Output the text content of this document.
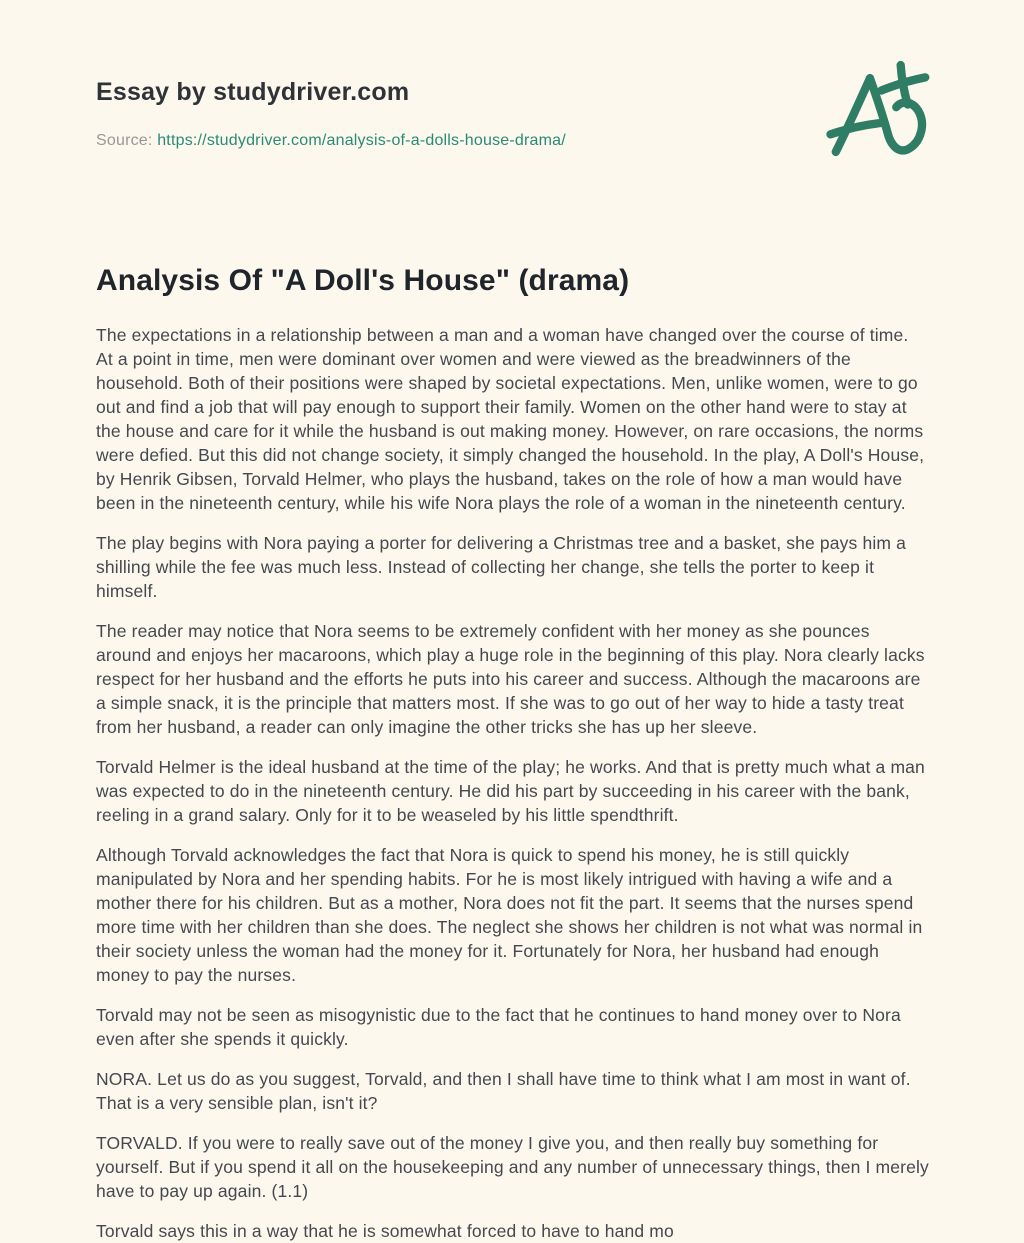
Essay by studydriver.com
Source: https://studydriver.com/analysis-of-a-dolls-house-drama/
Analysis Of "A Doll's House" (drama)

The expectations in a relationship between a man and a woman have changed over the course of time. At a point in time, men were dominant over women and were viewed as the breadwinners of the household. Both of their positions were shaped by societal expectations. Men, unlike women, were to go out and find a job that will pay enough to support their family. Women on the other hand were to stay at the house and care for it while the husband is out making money. However, on rare occasions, the norms were defied. But this did not change society, it simply changed the household. In the play, A Doll's House, by Henrik Gibsen, Torvald Helmer, who plays the husband, takes on the role of how a man would have been in the nineteenth century, while his wife Nora plays the role of a woman in the nineteenth century.

The play begins with Nora paying a porter for delivering a Christmas tree and a basket, she pays him a shilling while the fee was much less. Instead of collecting her change, she tells the porter to keep it himself.

The reader may notice that Nora seems to be extremely confident with her money as she pounces around and enjoys her macaroons, which play a huge role in the beginning of this play. Nora clearly lacks respect for her husband and the efforts he puts into his career and success. Although the macaroons are a simple snack, it is the principle that matters most. If she was to go out of her way to hide a tasty treat from her husband, a reader can only imagine the other tricks she has up her sleeve.

Torvald Helmer is the ideal husband at the time of the play; he works. And that is pretty much what a man was expected to do in the nineteenth century. He did his part by succeeding in his career with the bank, reeling in a grand salary. Only for it to be weaseled by his little spendthrift.

Although Torvald acknowledges the fact that Nora is quick to spend his money, he is still quickly manipulated by Nora and her spending habits. For he is most likely intrigued with having a wife and a mother there for his children. But as a mother, Nora does not fit the part. It seems that the nurses spend more time with her children than she does. The neglect she shows her children is not what was normal in their society unless the woman had the money for it. Fortunately for Nora, her husband had enough money to pay the nurses.

Torvald may not be seen as misogynistic due to the fact that he continues to hand money over to Nora even after she spends it quickly.

NORA. Let us do as you suggest, Torvald, and then I shall have time to think what I am most in want of. That is a very sensible plan, isn't it?

TORVALD. If you were to really save out of the money I give you, and then really buy something for yourself. But if you spend it all on the housekeeping and any number of unnecessary things, then I merely have to pay up again. (1.1)

Torvald says this in a way that he is somewhat forced to have to hand mo
